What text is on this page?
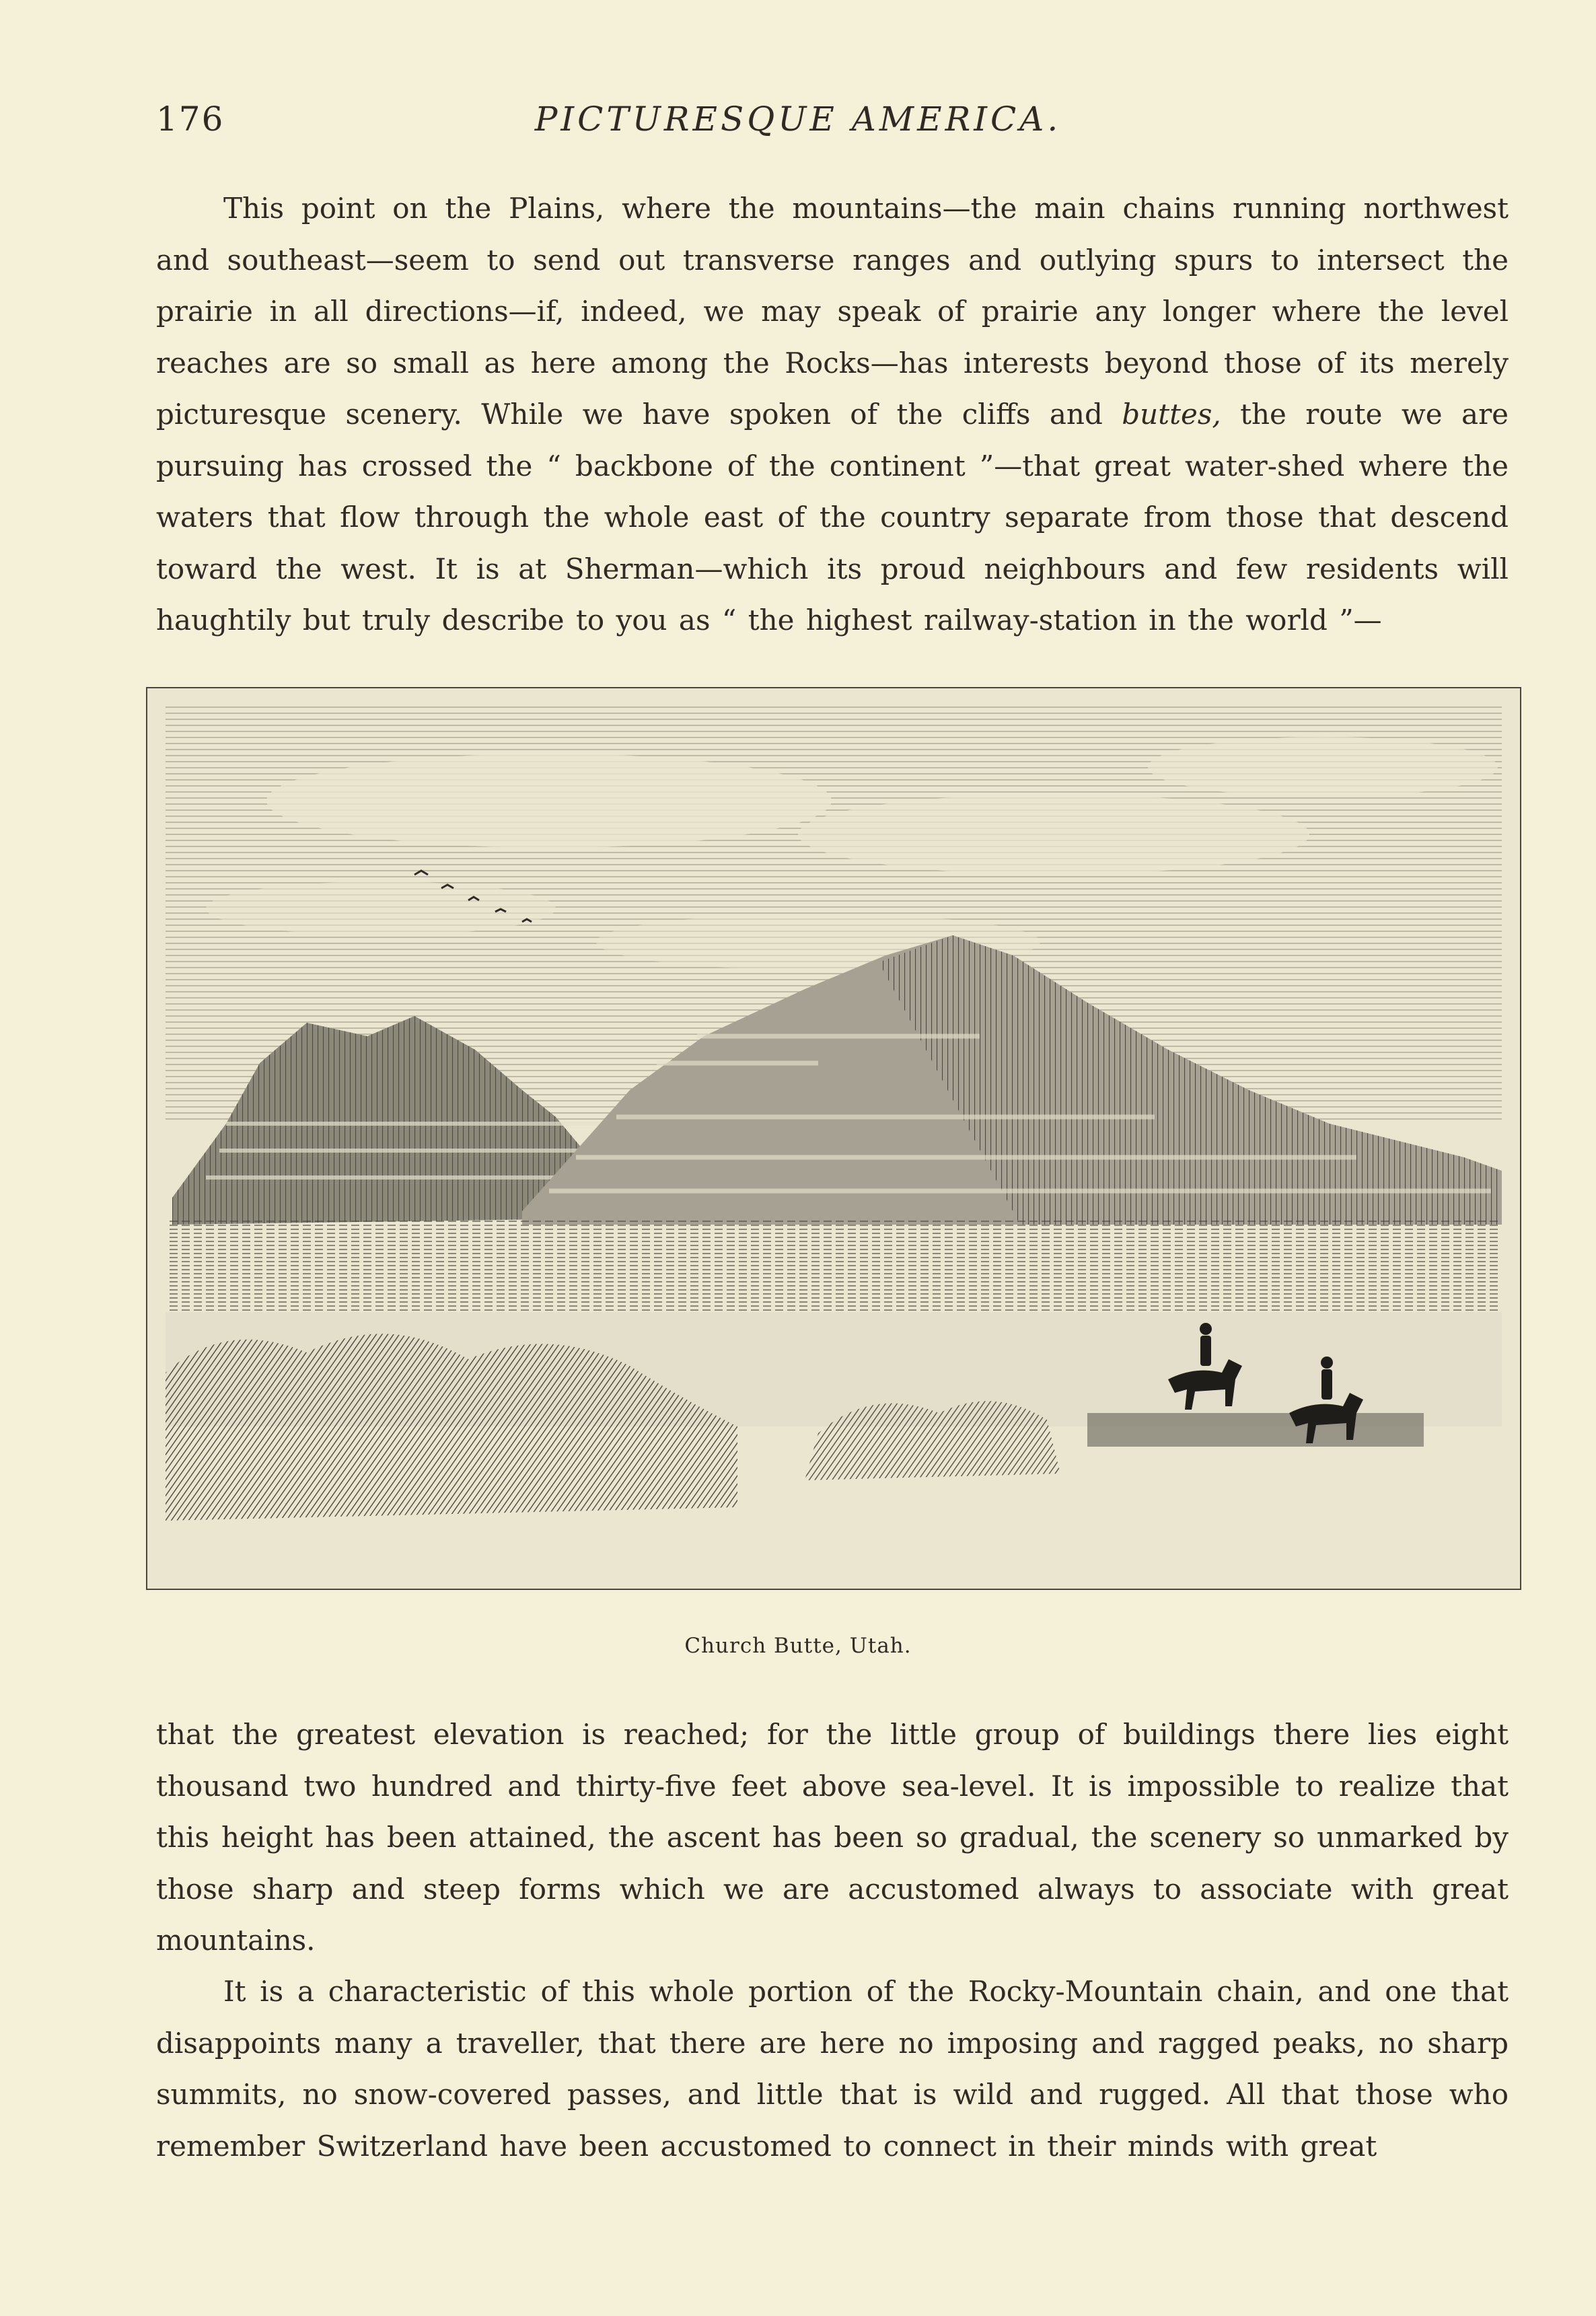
176	PICTURESQUE AMERICA.
This point on the Plains, where the mountains—the main chains running northwest and southeast—seem to send out transverse ranges and outlying spurs to intersect the prairie in all directions—if, indeed, we may speak of prairie any longer where the level reaches are so small as here among the Rocks—has interests beyond those of its merely picturesque scenery. While we have spoken of the cliffs and buttes, the route we are pursuing has crossed the “ backbone of the continent ”—that great water-shed where the waters that flow through the whole east of the country separate from those that descend toward the west. It is at Sherman—which its proud neighbours and few residents will haughtily but truly describe to you as “ the highest railway-station in the world ”—
Church Butte, Utah.
that the greatest elevation is reached; for the little group of buildings there lies eight thousand two hundred and thirty-five feet above sea-level. It is impossible to realize that this height has been attained, the ascent has been so gradual, the scenery so unmarked by those sharp and steep forms which we are accustomed always to associate with great mountains.
It is a characteristic of this whole portion of the Rocky-Mountain chain, and one that disappoints many a traveller, that there are here no imposing and ragged peaks, no sharp summits, no snow-covered passes, and little that is wild and rugged. All that those who remember Switzerland have been accustomed to connect in their minds with great
